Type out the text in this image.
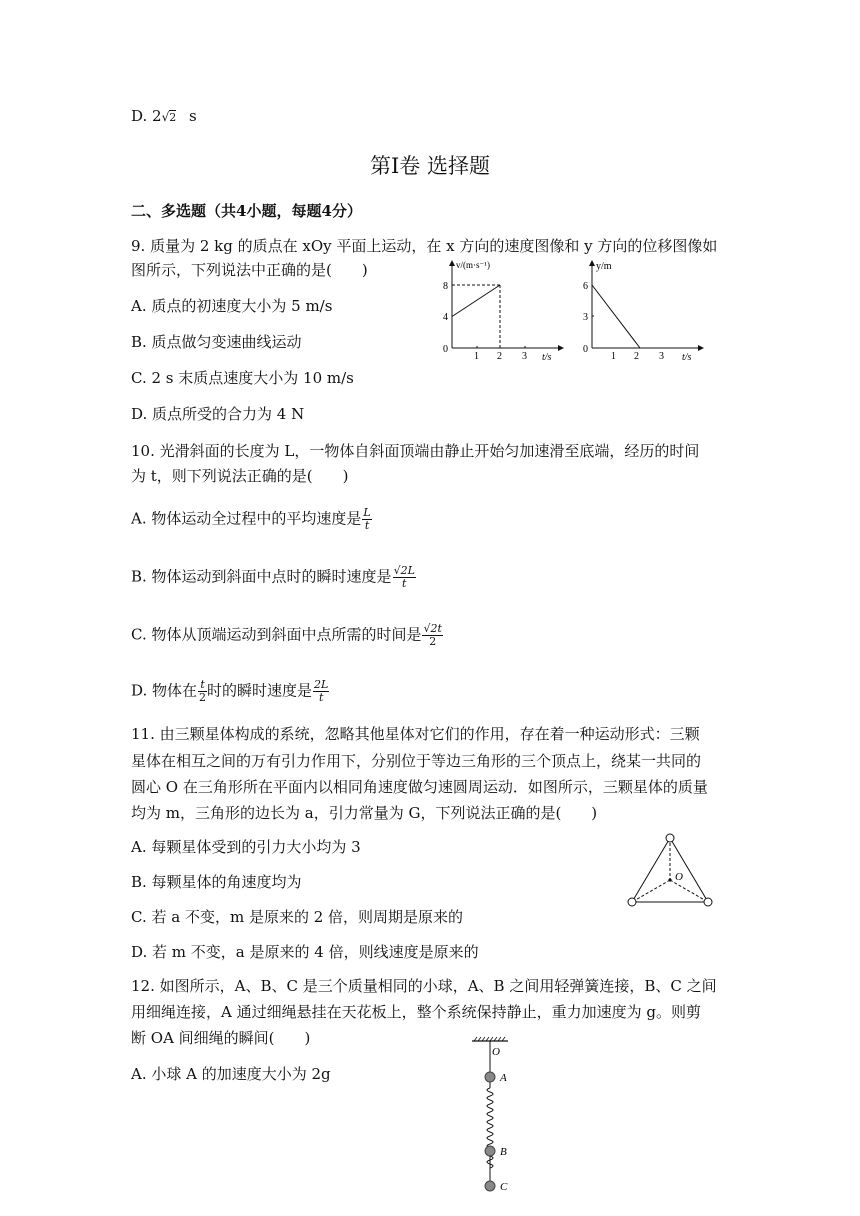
D. 2√2 s
第Ⅰ卷 选择题
二、多选题（共4小题，每题4分）
9. 质量为 2 kg 的质点在 xOy 平面上运动，在 x 方向的速度图像和 y 方向的位移图像如
图所示，下列说法中正确的是(　　)
A. 质点的初速度大小为 5 m/s
B. 质点做匀变速曲线运动
C. 2 s 末质点速度大小为 10 m/s
D. 质点所受的合力为 4 N
v/(m·s⁻¹)
t/s
8
4
0
1 2 3
y/m
t/s
6
3
0
1 2 3
10. 光滑斜面的长度为 L，一物体自斜面顶端由静止开始匀加速滑至底端，经历的时间
为 t，则下列说法正确的是(　　)
A. 物体运动全过程中的平均速度是 $\frac{L}{t}$
B. 物体运动到斜面中点时的瞬时速度是 $\frac{√2L}{t}$
C. 物体从顶端运动到斜面中点所需的时间是 $\frac{√2t}{2}$
D. 物体在 $\frac{t}{2}$ 时的瞬时速度是 $\frac{2L}{t}$
11. 由三颗星体构成的系统，忽略其他星体对它们的作用，存在着一种运动形式：三颗
星体在相互之间的万有引力作用下，分别位于等边三角形的三个顶点上，绕某一共同的
圆心 O 在三角形所在平面内以相同角速度做匀速圆周运动．如图所示，三颗星体的质量
均为 m，三角形的边长为 a，引力常量为 G，下列说法正确的是(　　)
A. 每颗星体受到的引力大小均为 3
B. 每颗星体的角速度均为
C. 若 a 不变，m 是原来的 2 倍，则周期是原来的
D. 若 m 不变，a 是原来的 4 倍，则线速度是原来的
O
12. 如图所示，A、B、C 是三个质量相同的小球，A、B 之间用轻弹簧连接，B、C 之间
用细绳连接，A 通过细绳悬挂在天花板上，整个系统保持静止，重力加速度为 g。则剪
断 OA 间细绳的瞬间(　　)
A. 小球 A 的加速度大小为 2g
O
A
B
C
